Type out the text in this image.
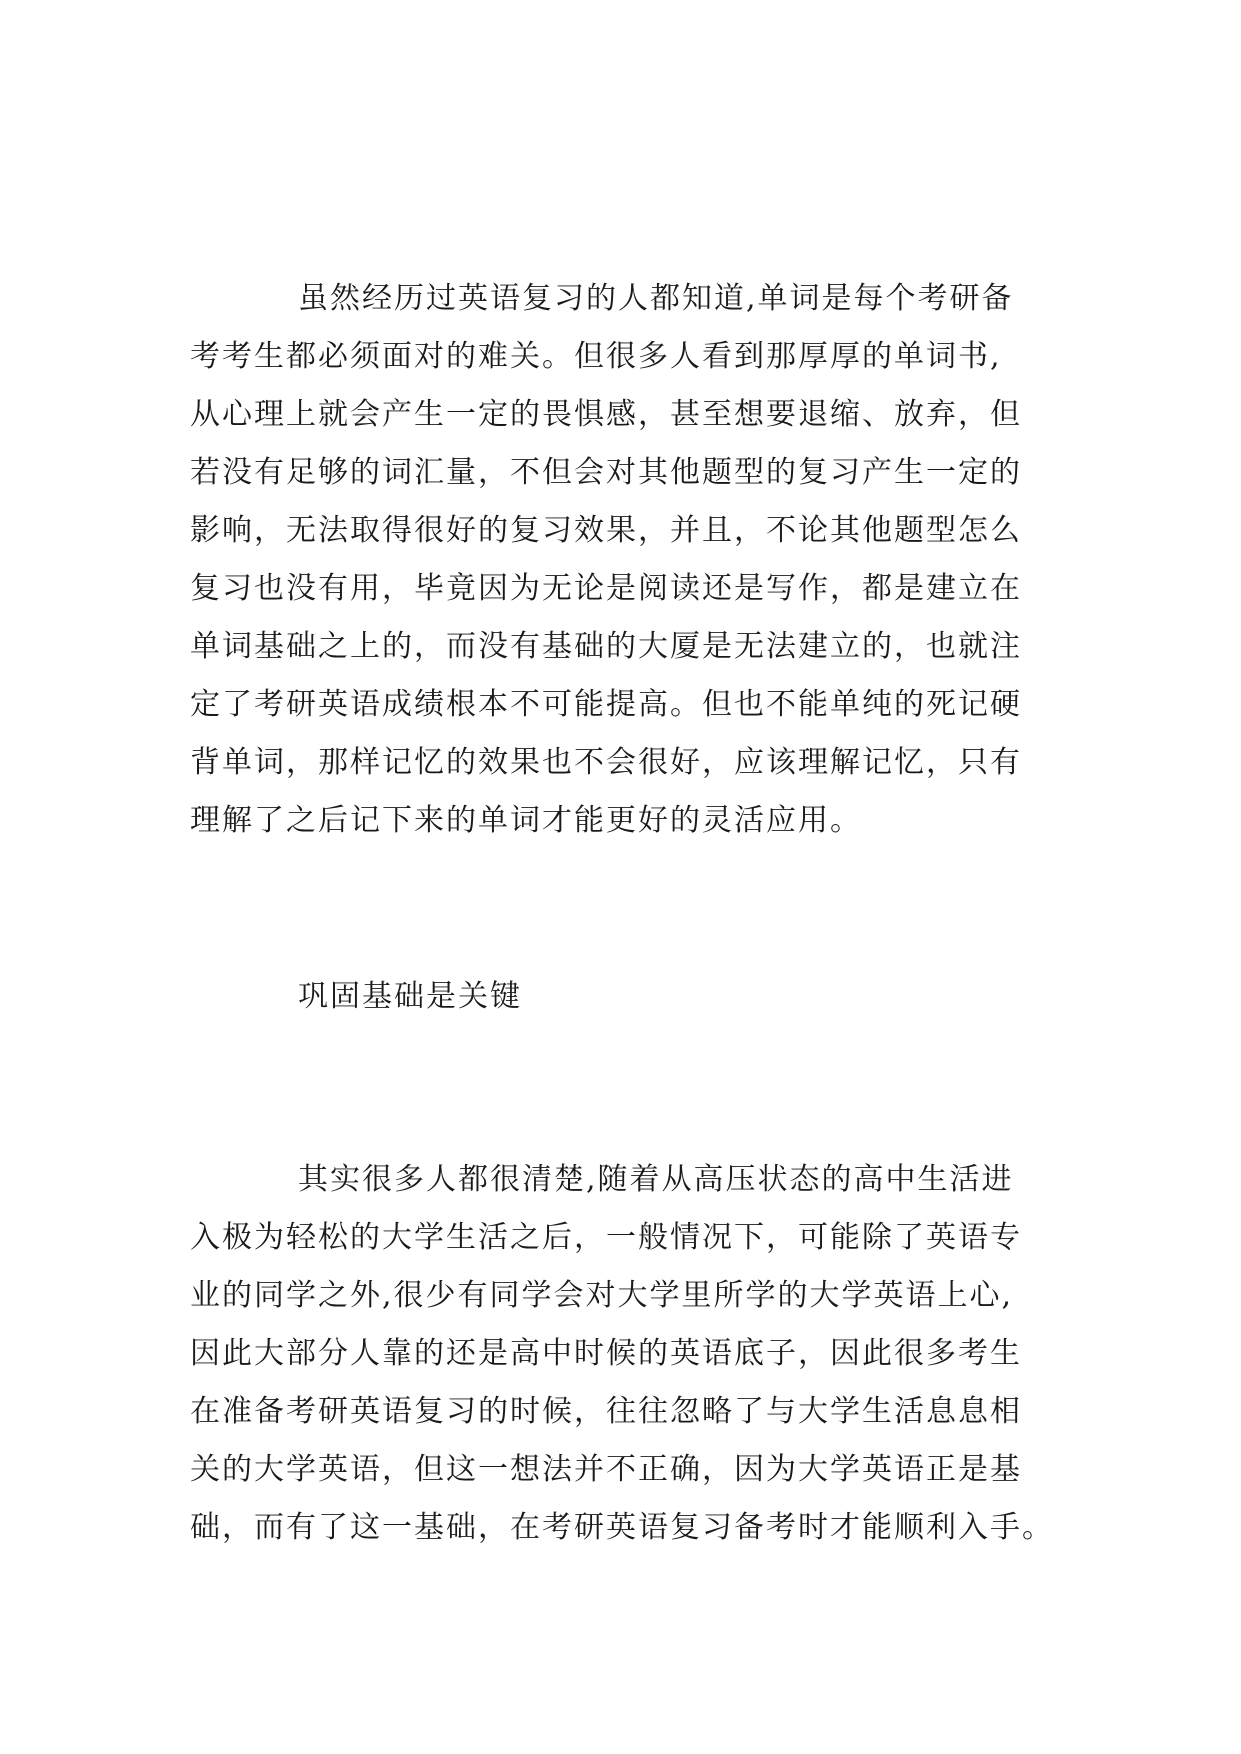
虽然经历过英语复习的人都知道,单词是每个考研备
考考生都必须面对的难关。但很多人看到那厚厚的单词书,
从心理上就会产生一定的畏惧感，甚至想要退缩、放弃，但
若没有足够的词汇量，不但会对其他题型的复习产生一定的
影响，无法取得很好的复习效果，并且，不论其他题型怎么
复习也没有用，毕竟因为无论是阅读还是写作，都是建立在
单词基础之上的，而没有基础的大厦是无法建立的，也就注
定了考研英语成绩根本不可能提高。但也不能单纯的死记硬
背单词，那样记忆的效果也不会很好，应该理解记忆，只有
理解了之后记下来的单词才能更好的灵活应用。
巩固基础是关键
其实很多人都很清楚,随着从高压状态的高中生活进
入极为轻松的大学生活之后，一般情况下，可能除了英语专
业的同学之外,很少有同学会对大学里所学的大学英语上心,
因此大部分人靠的还是高中时候的英语底子，因此很多考生
在准备考研英语复习的时候，往往忽略了与大学生活息息相
关的大学英语，但这一想法并不正确，因为大学英语正是基
础，而有了这一基础，在考研英语复习备考时才能顺利入手。
